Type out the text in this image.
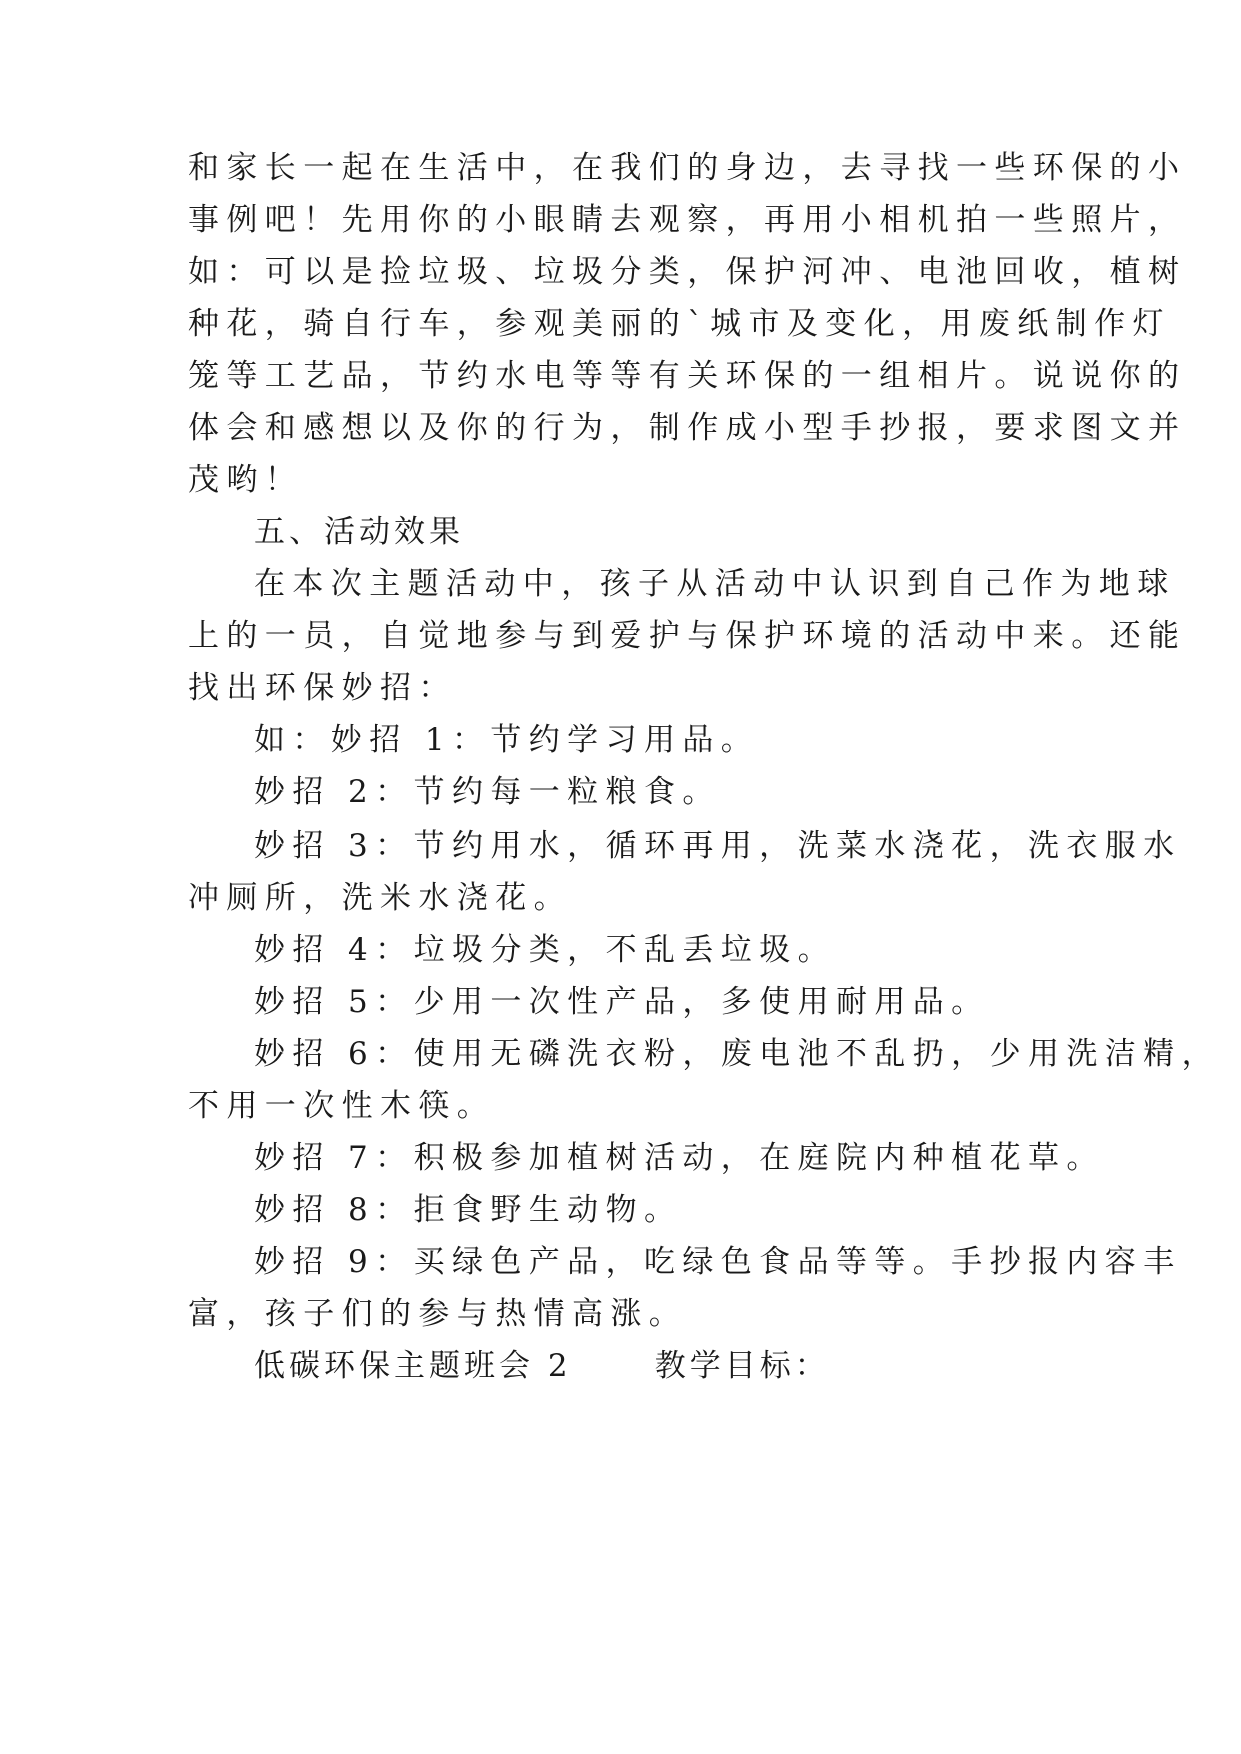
和家长一起在生活中，在我们的身边，去寻找一些环保的小
事例吧！先用你的小眼睛去观察，再用小相机拍一些照片，
如：可以是捡垃圾、垃圾分类，保护河冲、电池回收，植树
种花，骑自行车，参观美丽的`城市及变化，用废纸制作灯
笼等工艺品，节约水电等等有关环保的一组相片。说说你的
体会和感想以及你的行为，制作成小型手抄报，要求图文并
茂哟！
五、活动效果
在本次主题活动中，孩子从活动中认识到自己作为地球
上的一员，自觉地参与到爱护与保护环境的活动中来。还能
找出环保妙招：
如：妙招 1：节约学习用品。
妙招 2：节约每一粒粮食。
妙招 3：节约用水，循环再用，洗菜水浇花，洗衣服水
冲厕所，洗米水浇花。
妙招 4：垃圾分类，不乱丢垃圾。
妙招 5：少用一次性产品，多使用耐用品。
妙招 6：使用无磷洗衣粉，废电池不乱扔，少用洗洁精，
不用一次性木筷。
妙招 7：积极参加植树活动，在庭院内种植花草。
妙招 8：拒食野生动物。
妙招 9：买绿色产品，吃绿色食品等等。手抄报内容丰
富，孩子们的参与热情高涨。
低碳环保主题班会 2      教学目标：
